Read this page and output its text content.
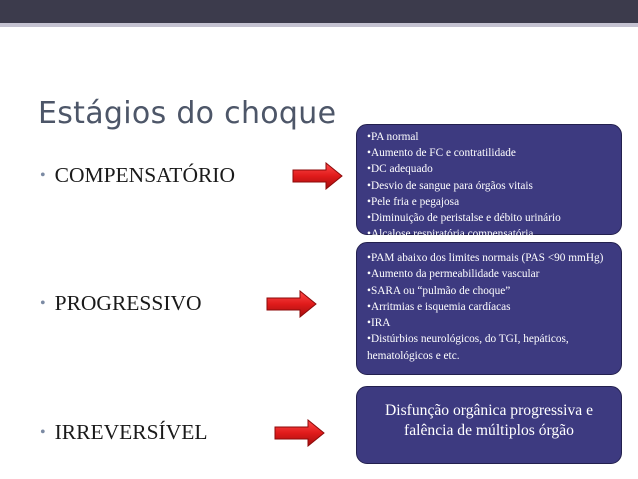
Estágios do choque
• COMPENSATÓRIO
• PROGRESSIVO
• IRREVERSÍVEL
•PA normal
•Aumento de FC e contratilidade
•DC adequado
•Desvio de sangue para órgãos vitais
•Pele fria e pegajosa
•Diminuição de peristalse e débito urinário
•Alcalose respiratória compensatória
•PAM abaixo dos limites normais (PAS <90 mmHg)
•Aumento da permeabilidade vascular
•SARA ou “pulmão de choque”
•Arritmias e isquemia cardíacas
•IRA
•Distúrbios neurológicos, do TGI, hepáticos, hematológicos e etc.
Disfunção orgânica progressiva e falência de múltiplos órgão
